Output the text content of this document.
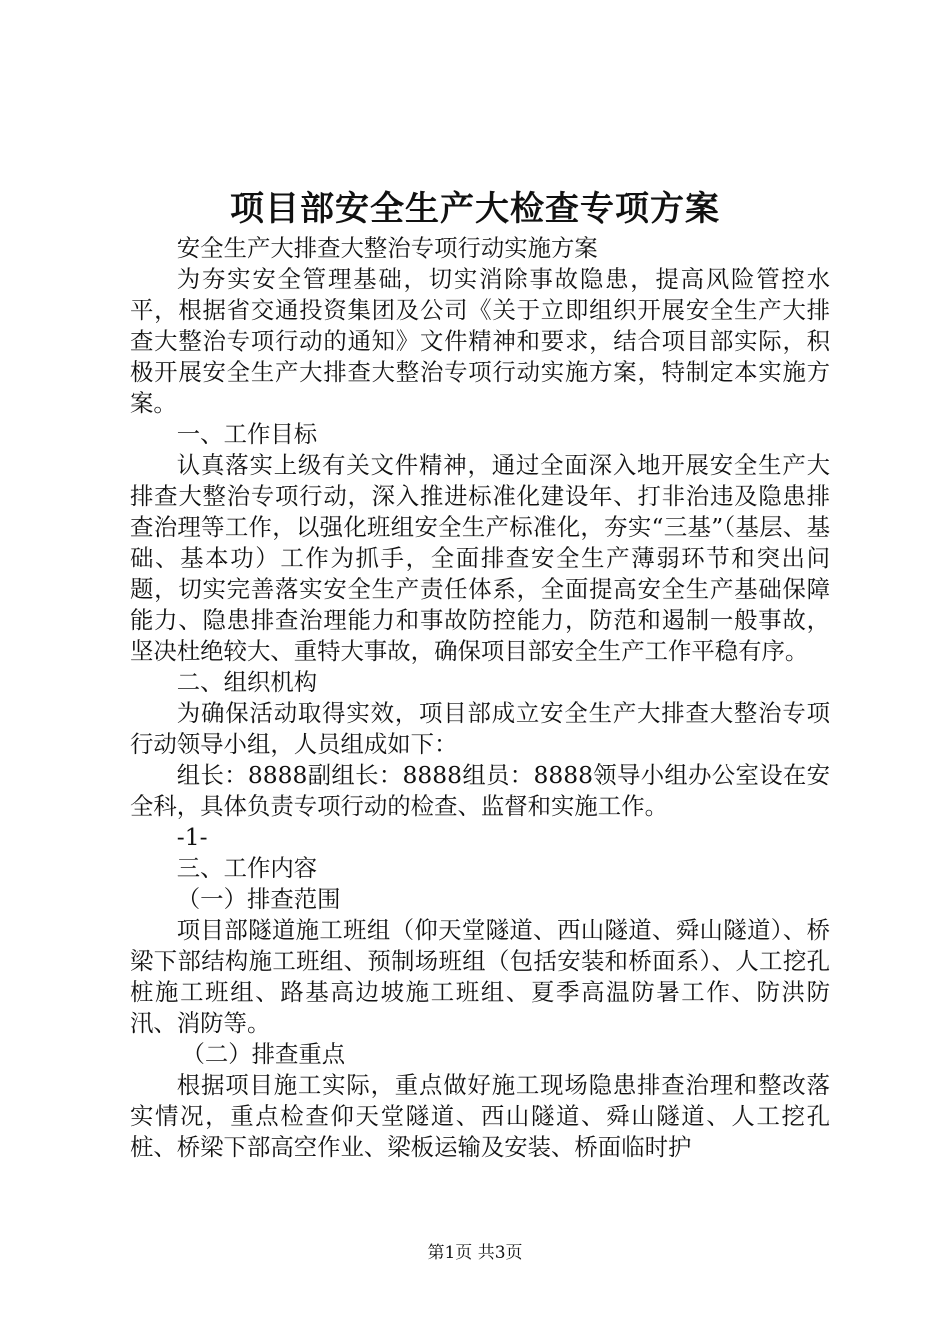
项目部安全生产大检查专项方案

安全生产大排查大整治专项行动实施方案

为夯实安全管理基础，切实消除事故隐患，提高风险管控水平，根据省交通投资集团及公司《关于立即组织开展安全生产大排查大整治专项行动的通知》文件精神和要求，结合项目部实际，积极开展安全生产大排查大整治专项行动实施方案，特制定本实施方案。

一、工作目标

认真落实上级有关文件精神，通过全面深入地开展安全生产大排查大整治专项行动，深入推进标准化建设年、打非治违及隐患排查治理等工作，以强化班组安全生产标准化，夯实“三基”（基层、基础、基本功）工作为抓手，全面排查安全生产薄弱环节和突出问题，切实完善落实安全生产责任体系，全面提高安全生产基础保障能力、隐患排查治理能力和事故防控能力，防范和遏制一般事故，坚决杜绝较大、重特大事故，确保项目部安全生产工作平稳有序。

二、组织机构

为确保活动取得实效，项目部成立安全生产大排查大整治专项行动领导小组，人员组成如下：

组长：8888副组长：8888组员：8888领导小组办公室设在安全科，具体负责专项行动的检查、监督和实施工作。

-1-

三、工作内容

（一）排查范围

项目部隧道施工班组（仰天堂隧道、西山隧道、舜山隧道）、桥梁下部结构施工班组、预制场班组（包括安装和桥面系）、人工挖孔桩施工班组、路基高边坡施工班组、夏季高温防暑工作、防洪防汛、消防等。

（二）排查重点

根据项目施工实际，重点做好施工现场隐患排查治理和整改落实情况，重点检查仰天堂隧道、西山隧道、舜山隧道、人工挖孔桩、桥梁下部高空作业、梁板运输及安装、桥面临时护

第1页 共3页
